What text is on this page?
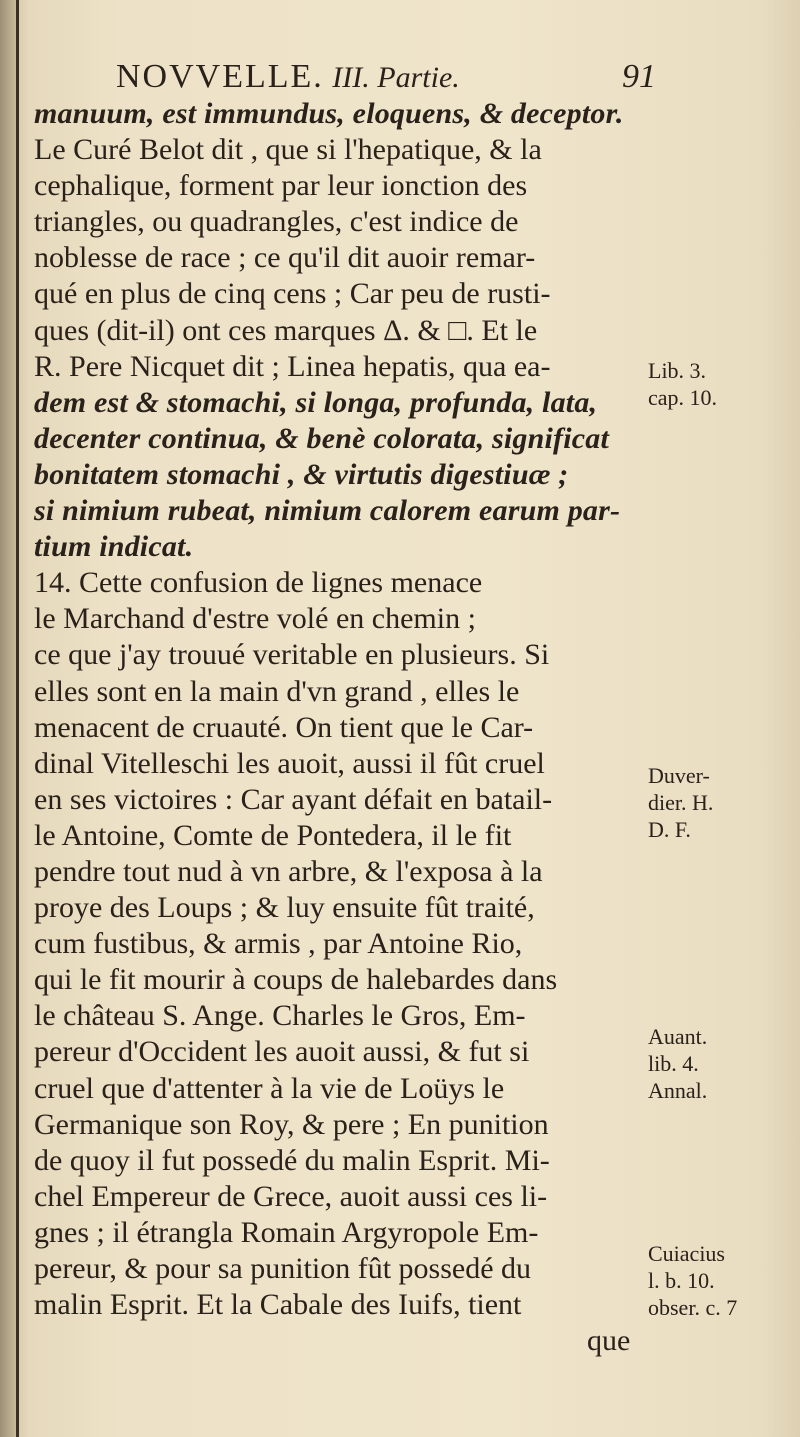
NOVVELLE. III. Partie.	91
manuum, est immundus, eloquens, & deceptor.
Le Curé Belot dit , que si l'hepatique, & la
cephalique, forment par leur ionction des
triangles, ou quadrangles, c'est indice de
noblesse de race ; ce qu'il dit auoir remar-
qué en plus de cinq cens ; Car peu de rusti-
ques (dit-il) ont ces marques Δ. & □. Et le
R. Pere Nicquet dit ; Linea hepatis, qua ea-
dem est & stomachi, si longa, profunda, lata,
decenter continua, & benè colorata, significat
bonitatem stomachi , & virtutis digestiuæ ;
si nimium rubeat, nimium calorem earum par-
tium indicat.
14. Cette confusion de lignes menace
le Marchand d'estre volé en chemin ;
ce que j'ay trouué veritable en plusieurs. Si
elles sont en la main d'vn grand , elles le
menacent de cruauté. On tient que le Car-
dinal Vitelleschi les auoit, aussi il fût cruel
en ses victoires : Car ayant défait en batail-
le Antoine, Comte de Pontedera, il le fit
pendre tout nud à vn arbre, & l'exposa à la
proye des Loups ; & luy ensuite fût traité,
cum fustibus, & armis , par Antoine Rio,
qui le fit mourir à coups de halebardes dans
le château S. Ange. Charles le Gros, Em-
pereur d'Occident les auoit aussi, & fut si
cruel que d'attenter à la vie de Loüys le
Germanique son Roy, & pere ; En punition
de quoy il fut possedé du malin Esprit. Mi-
chel Empereur de Grece, auoit aussi ces li-
gnes ; il étrangla Romain Argyropole Em-
pereur, & pour sa punition fût possedé du
malin Esprit. Et la Cabale des Iuifs, tient
que
Lib. 3.
cap. 10.
Duver-
dier. H.
D. F.
Auant.
lib. 4.
Annal.
Cuiacius
l. b. 10.
obser. c. 7
